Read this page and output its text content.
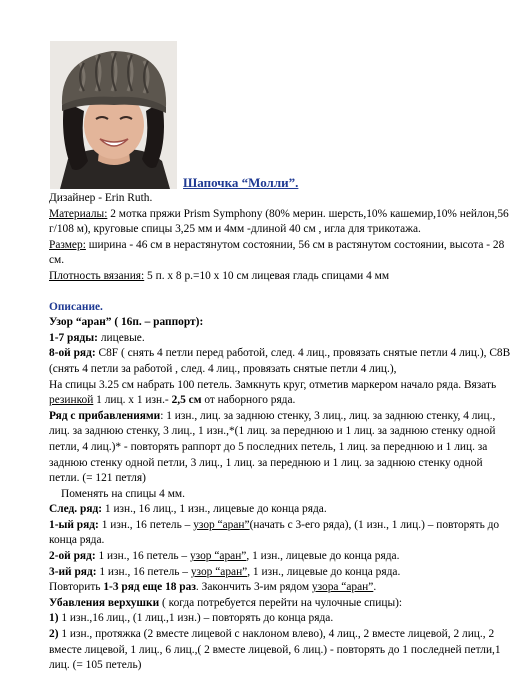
Шапочка “Молли”.

Дизайнер - Erin Ruth.

Материалы: 2 мотка пряжи Prism Symphony (80% мерин. шерсть,10% кашемир,10% нейлон,56 г/108 м), круговые спицы 3,25 мм и 4мм -длиной 40 см , игла для трикотажа.

Размер: ширина - 46 см в нерастянутом состоянии, 56 см в растянутом состоянии, высота - 28 см.

Плотность вязания: 5 п. х 8 р.=10 х 10 см лицевая гладь спицами 4 мм

Описание.

Узор “аран” ( 16п. – раппорт):

1-7 ряды: лицевые.

8-ой ряд: C8F ( снять 4 петли перед работой, след. 4 лиц., провязать снятые петли 4 лиц.), C8B (снять 4 петли за работой , след. 4 лиц., провязать снятые петли 4 лиц.),

На спицы 3.25 см набрать 100 петель. Замкнуть круг, отметив маркером начало ряда. Вязать резинкой 1 лиц. х 1 изн.- 2,5 см от наборного ряда.

Ряд с прибавлениями: 1 изн., лиц. за заднюю стенку, 3 лиц., лиц. за заднюю стенку, 4 лиц., лиц. за заднюю стенку, 3 лиц., 1 изн.,*(1 лиц. за переднюю и 1 лиц. за заднюю стенку одной петли, 4 лиц.)* - повторять раппорт до 5 последних петель, 1 лиц. за переднюю и 1 лиц. за заднюю стенку одной петли, 3 лиц., 1 лиц. за переднюю и 1 лиц. за заднюю стенку одной петли. (= 121 петля)

Поменять на спицы 4 мм.

След. ряд: 1 изн., 16 лиц., 1 изн., лицевые до конца ряда.

1-ый ряд: 1 изн., 16 петель – узор “аран”(начать с 3-его ряда), (1 изн., 1 лиц.) – повторять до конца ряда.

2-ой ряд: 1 изн., 16 петель – узор “аран”, 1 изн., лицевые до конца ряда.

3-ий ряд: 1 изн., 16 петель – узор “аран”, 1 изн., лицевые до конца ряда.

Повторить 1-3 ряд еще 18 раз. Закончить 3-им рядом узора “аран”.

Убавления верхушки ( когда потребуется перейти на чулочные спицы):

1) 1 изн.,16 лиц., (1 лиц.,1 изн.) – повторять до конца ряда.

2) 1 изн., протяжка (2 вместе лицевой с наклоном влево), 4 лиц., 2 вместе лицевой, 2 лиц., 2 вместе лицевой, 1 лиц., 6 лиц.,( 2 вместе лицевой, 6 лиц.) - повторять до 1 последней петли,1 лиц. (= 105 петель)
